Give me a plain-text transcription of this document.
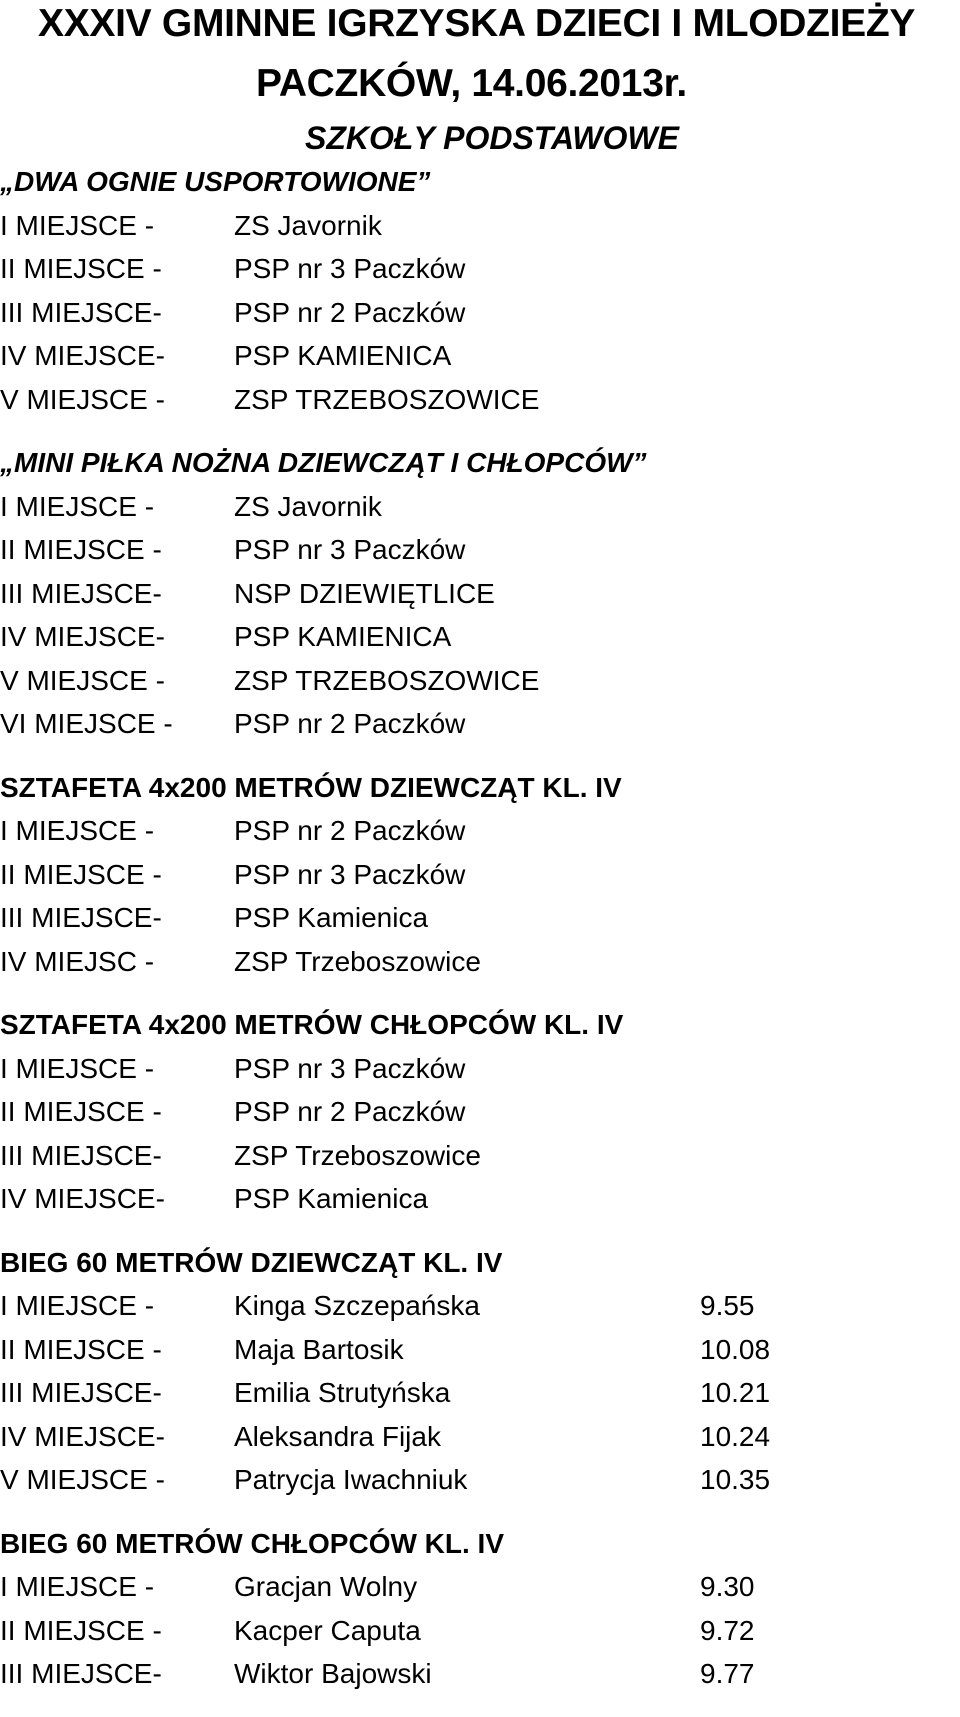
XXXIV GMINNE IGRZYSKA DZIECI I MLODZIEŻY
PACZKÓW, 14.06.2013r.
SZKOŁY PODSTAWOWE
„DWA OGNIE USPORTOWIONE”
I MIEJSCE -	ZS Javornik
II MIEJSCE -	PSP nr 3 Paczków
III MIEJSCE-	PSP nr 2 Paczków
IV MIEJSCE- PSP KAMIENICA
V MIEJSCE - ZSP TRZEBOSZOWICE
„MINI PIŁKA NOŻNA DZIEWCZĄT I CHŁOPCÓW”
I MIEJSCE -	ZS Javornik
II MIEJSCE -	PSP nr 3 Paczków
III MIEJSCE-	NSP DZIEWIĘTLICE
IV MIEJSCE- PSP KAMIENICA
V MIEJSCE - ZSP TRZEBOSZOWICE
VI MIEJSCE - PSP nr 2 Paczków
SZTAFETA 4x200 METRÓW DZIEWCZĄT KL. IV
I MIEJSCE -	PSP nr 2 Paczków
II MIEJSCE -	PSP nr 3 Paczków
III MIEJSCE-	PSP Kamienica
IV MIEJSC -	ZSP Trzeboszowice
SZTAFETA 4x200 METRÓW CHŁOPCÓW KL. IV
I MIEJSCE -	PSP nr 3 Paczków
II MIEJSCE -	PSP nr 2 Paczków
III MIEJSCE-	ZSP Trzeboszowice
IV MIEJSCE- PSP Kamienica
BIEG 60 METRÓW DZIEWCZĄT KL. IV
I MIEJSCE -	Kinga Szczepańska	9.55
II MIEJSCE -	Maja Bartosik	10.08
III MIEJSCE-	Emilia Strutyńska	10.21
IV MIEJSCE- Aleksandra Fijak	10.24
V MIEJSCE - Patrycja Iwachniuk	10.35
BIEG 60 METRÓW CHŁOPCÓW KL. IV
I MIEJSCE -	Gracjan Wolny	9.30
II MIEJSCE -	Kacper Caputa	9.72
III MIEJSCE-	Wiktor Bajowski	9.77
